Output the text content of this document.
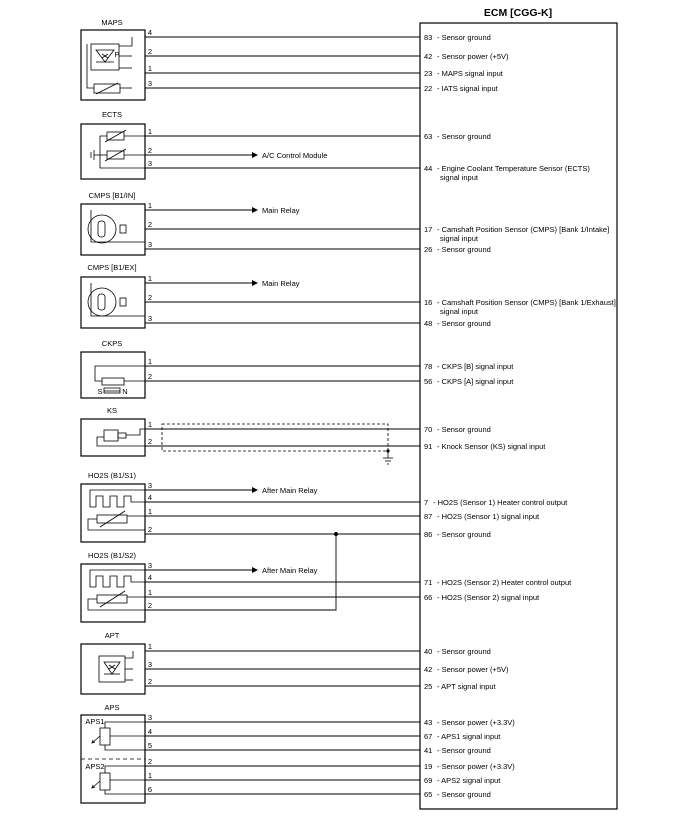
ECM [CGG-K]
MAPS
P
ECTS
CMPS [B1/IN]
CMPS [B1/EX]
CKPS
S	N
KS
HO2S (B1/S1)
HO2S (B1/S2)
APT
APS
APS1
APS2
4
83 - Sensor ground
2
42 - Sensor power (+5V)
1
23 - MAPS signal input
3
22 - IATS signal input
1
63 - Sensor ground
2
A/C Control Module
3
44 - Engine Coolant Temperature Sensor (ECTS)
signal input
1
Main Relay
2
17 - Camshaft Position Sensor (CMPS) [Bank 1/Intake]
signal input
3
26 - Sensor ground
1
Main Relay
2
16 - Camshaft Position Sensor (CMPS) [Bank 1/Exhaust]
signal input
3
48 - Sensor ground
1
78 - CKPS [B] signal input
2
56 - CKPS [A] signal input
1
70 - Sensor ground
2
91 - Knock Sensor (KS) signal input
3
After Main Relay
4
7 - HO2S (Sensor 1) Heater control output
1
87 - HO2S (Sensor 1) signal input
2
86 - Sensor ground
3
After Main Relay
4
71 - HO2S (Sensor 2) Heater control output
1
66 - HO2S (Sensor 2) signal input
2
1
40 - Sensor ground
3
42 - Sensor power (+5V)
2
25 - APT signal input
3
43 - Sensor power (+3.3V)
4
67 - APS1 signal input
5
41 - Sensor ground
2
19 - Sensor power (+3.3V)
1
69 - APS2 signal input
6
65 - Sensor ground
